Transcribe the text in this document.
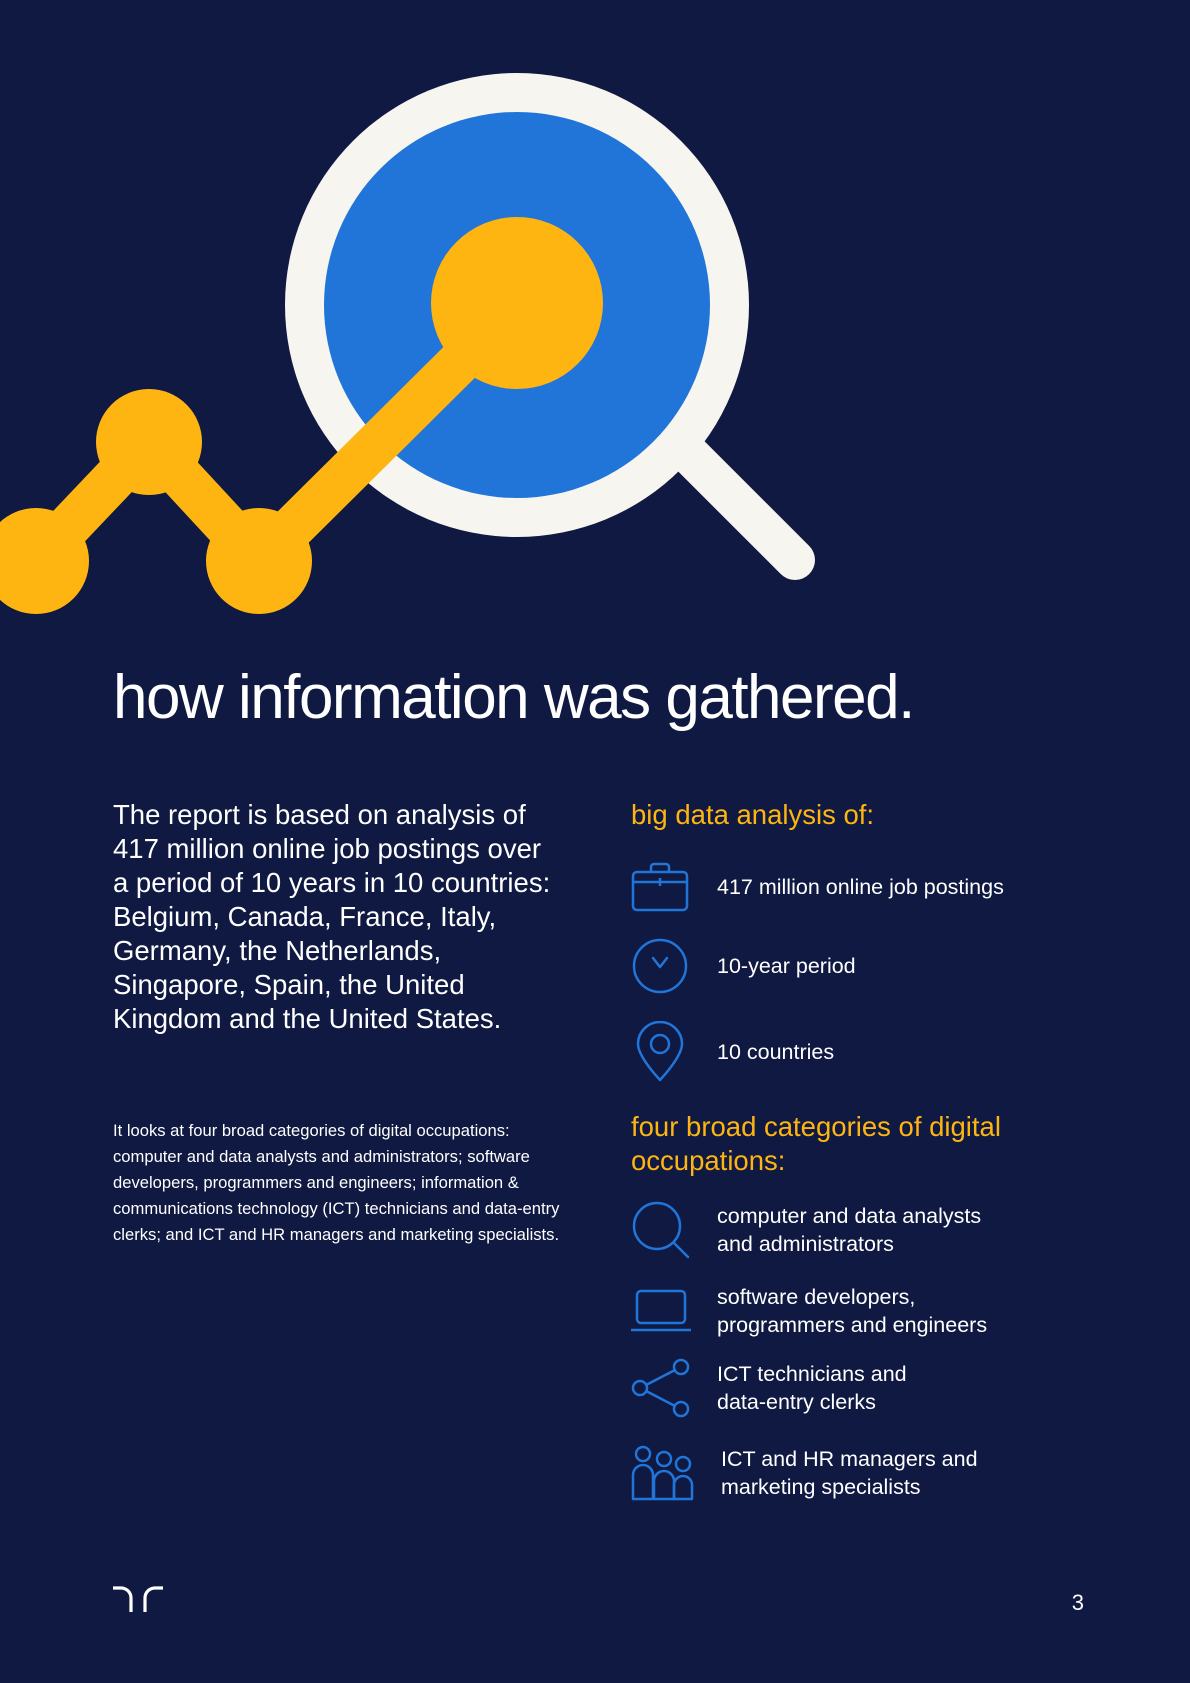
how information was gathered.

The report is based on analysis of 417 million online job postings over a period of 10 years in 10 countries: Belgium, Canada, France, Italy, Germany, the Netherlands, Singapore, Spain, the United Kingdom and the United States.

It looks at four broad categories of digital occupations: computer and data analysts and administrators; software developers, programmers and engineers; information & communications technology (ICT) technicians and data-entry clerks; and ICT and HR managers and marketing specialists.

big data analysis of:
417 million online job postings
10-year period
10 countries
four broad categories of digital occupations:
computer and data analysts
and administrators
software developers,
programmers and engineers
ICT technicians and
data-entry clerks
ICT and HR managers and
marketing specialists
3
